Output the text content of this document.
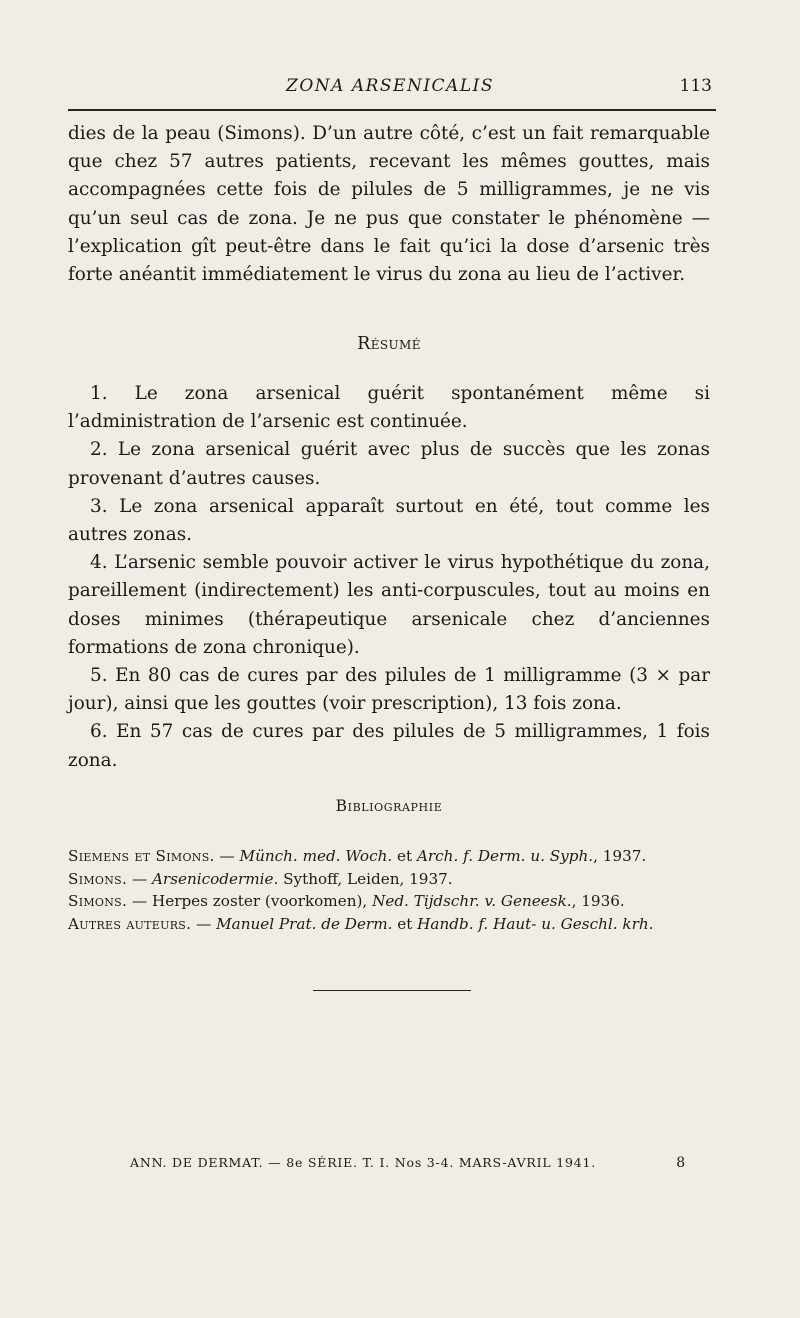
ZONA ARSENICALIS	113
dies de la peau (Simons). D’un autre côté, c’est un fait remarquable que chez 57 autres patients, recevant les mêmes gouttes, mais accompagnées cette fois de pilules de 5 milligrammes, je ne vis qu’un seul cas de zona. Je ne pus que constater le phénomène — l’explication gît peut-être dans le fait qu’ici la dose d’arsenic très forte anéantit immédiatement le virus du zona au lieu de l’activer.
Résumé

1. Le zona arsenical guérit spontanément même si l’administration de l’arsenic est continuée.

2. Le zona arsenical guérit avec plus de succès que les zonas provenant d’autres causes.

3. Le zona arsenical apparaît surtout en été, tout comme les autres zonas.

4. L’arsenic semble pouvoir activer le virus hypothétique du zona, pareillement (indirectement) les anti-corpuscules, tout au moins en doses minimes (thérapeutique arsenicale chez d’anciennes formations de zona chronique).

5. En 80 cas de cures par des pilules de 1 milligramme (3 × par jour), ainsi que les gouttes (voir prescription), 13 fois zona.

6. En 57 cas de cures par des pilules de 5 milligrammes, 1 fois zona.

Bibliographie
Siemens et Simons. — Münch. med. Woch. et Arch. f. Derm. u. Syph., 1937.
Simons. — Arsenicodermie. Sythoff, Leiden, 1937.
Simons. — Herpes zoster (voorkomen), Ned. Tijdschr. v. Geneesk., 1936.
Autres auteurs. — Manuel Prat. de Derm. et Handb. f. Haut- u. Geschl. krh.
ANN. DE DERMAT. — 8e SÉRIE. T. I. Nos 3-4. MARS-AVRIL 1941.	8
